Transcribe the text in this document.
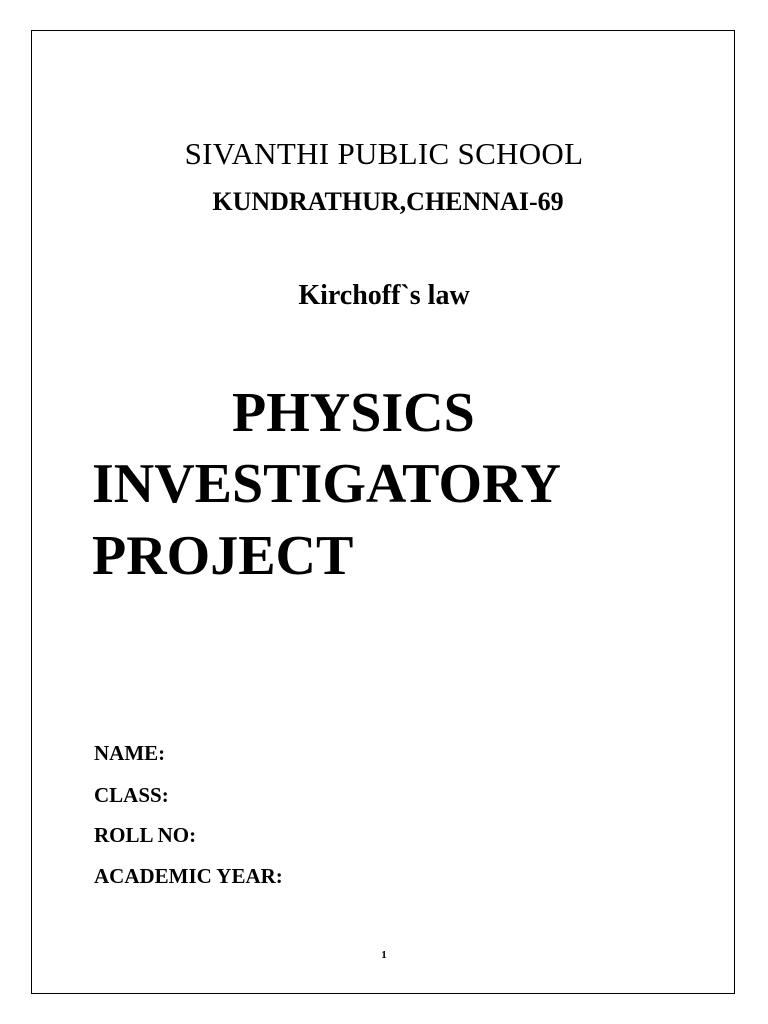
SIVANTHI PUBLIC SCHOOL
KUNDRATHUR,CHENNAI-69
Kirchoff`s law
PHYSICS
INVESTIGATORY
PROJECT
NAME:
CLASS:
ROLL NO:
ACADEMIC YEAR:
1
